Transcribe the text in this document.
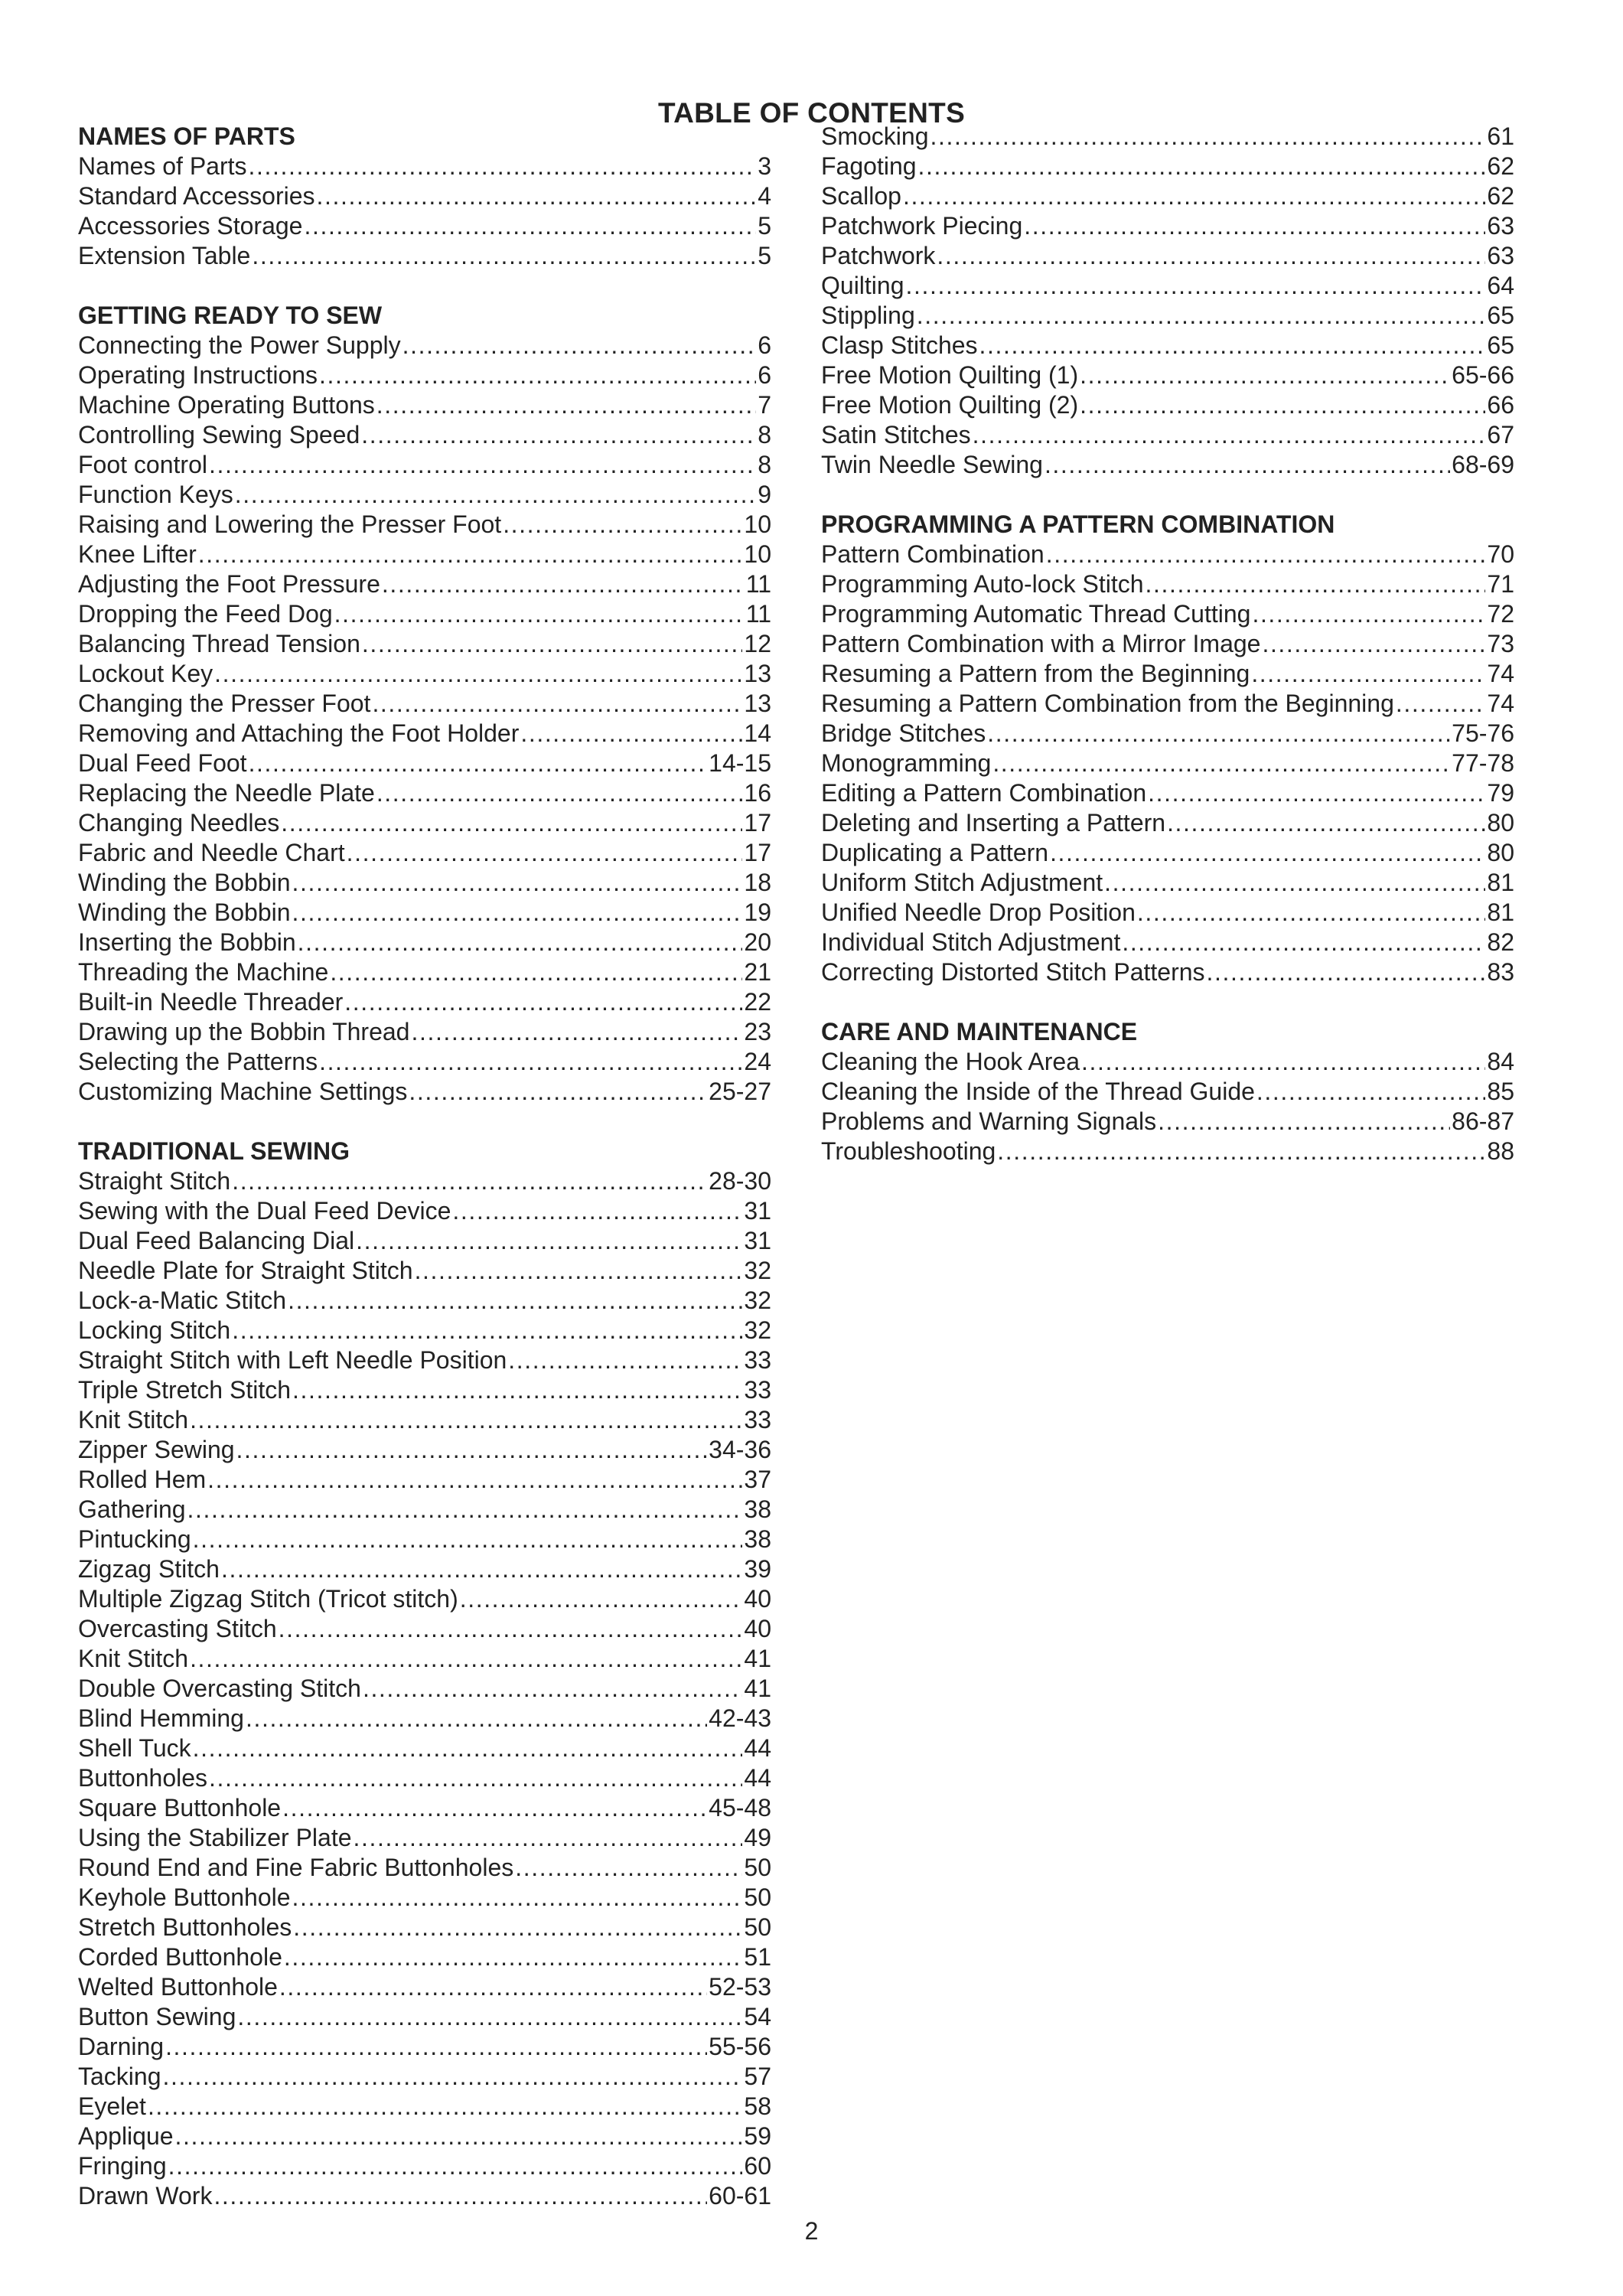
TABLE OF CONTENTS
NAMES OF PARTS
Names of Parts .....	3
Standard Accessories .....	4
Accessories Storage .....	5
Extension Table .....	5
GETTING READY TO SEW
Connecting the Power Supply .....	6
Operating Instructions .....	6
Machine Operating Buttons .....	7
Controlling Sewing Speed .....	8
Foot control .....	8
Function Keys .....	9
Raising and Lowering the Presser Foot .....	10
Knee Lifter .....	10
Adjusting the Foot Pressure .....	11
Dropping the Feed Dog .....	11
Balancing Thread Tension .....	12
Lockout Key .....	13
Changing the Presser Foot .....	13
Removing and Attaching the Foot Holder .....	14
Dual Feed Foot .....	14-15
Replacing the Needle Plate .....	16
Changing Needles .....	17
Fabric and Needle Chart .....	17
Winding the Bobbin .....	18
Winding the Bobbin .....	19
Inserting the Bobbin .....	20
Threading the Machine .....	21
Built-in Needle Threader .....	22
Drawing up the Bobbin Thread .....	23
Selecting the Patterns .....	24
Customizing Machine Settings .....	25-27
TRADITIONAL SEWING
Straight Stitch .....	28-30
Sewing with the Dual Feed Device .....	31
Dual Feed Balancing Dial .....	31
Needle Plate for Straight Stitch .....	32
Lock-a-Matic Stitch .....	32
Locking Stitch .....	32
Straight Stitch with Left Needle Position .....	33
Triple Stretch Stitch .....	33
Knit Stitch .....	33
Zipper Sewing .....	34-36
Rolled Hem .....	37
Gathering .....	38
Pintucking .....	38
Zigzag Stitch .....	39
Multiple Zigzag Stitch (Tricot stitch) .....	40
Overcasting Stitch .....	40
Knit Stitch .....	41
Double Overcasting Stitch .....	41
Blind Hemming .....	42-43
Shell Tuck .....	44
Buttonholes .....	44
Square Buttonhole .....	45-48
Using the Stabilizer Plate .....	49
Round End and Fine Fabric Buttonholes .....	50
Keyhole Buttonhole .....	50
Stretch Buttonholes .....	50
Corded Buttonhole .....	51
Welted Buttonhole .....	52-53
Button Sewing .....	54
Darning .....	55-56
Tacking .....	57
Eyelet .....	58
Applique .....	59
Fringing .....	60
Drawn Work .....	60-61
Smocking .....	61
Fagoting .....	62
Scallop .....	62
Patchwork Piecing .....	63
Patchwork .....	63
Quilting .....	64
Stippling .....	65
Clasp Stitches .....	65
Free Motion Quilting (1) .....	65-66
Free Motion Quilting (2) .....	66
Satin Stitches .....	67
Twin Needle Sewing .....	68-69
PROGRAMMING A PATTERN COMBINATION
Pattern Combination .....	70
Programming Auto-lock Stitch .....	71
Programming Automatic Thread Cutting .....	72
Pattern Combination with a Mirror Image .....	73
Resuming a Pattern from the Beginning .....	74
Resuming a Pattern Combination from the Beginning .....	74
Bridge Stitches .....	75-76
Monogramming .....	77-78
Editing a Pattern Combination .....	79
Deleting and Inserting a Pattern .....	80
Duplicating a Pattern .....	80
Uniform Stitch Adjustment .....	81
Unified Needle Drop Position .....	81
Individual Stitch Adjustment .....	82
Correcting Distorted Stitch Patterns .....	83
CARE AND MAINTENANCE
Cleaning the Hook Area .....	84
Cleaning the Inside of the Thread Guide .....	85
Problems and Warning Signals .....	86-87
Troubleshooting .....	88
2
